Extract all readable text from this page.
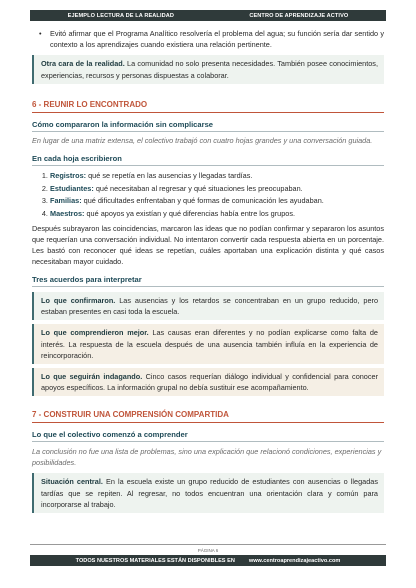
EJEMPLO LECTURA DE LA REALIDAD	CENTRO DE APRENDIZAJE ACTIVO
• Evitó afirmar que el Programa Analítico resolvería el problema del agua; su función sería dar sentido y contexto a los aprendizajes cuando existiera una relación pertinente.
Otra cara de la realidad. La comunidad no solo presenta necesidades. También posee conocimientos, experiencias, recursos y personas dispuestas a colaborar.
6 - REUNIR LO ENCONTRADO
Cómo compararon la información sin complicarse
En lugar de una matriz extensa, el colectivo trabajó con cuatro hojas grandes y una conversación guiada.
En cada hoja escribieron
1. Registros: qué se repetía en las ausencias y llegadas tardías.
2. Estudiantes: qué necesitaban al regresar y qué situaciones les preocupaban.
3. Familias: qué dificultades enfrentaban y qué formas de comunicación les ayudaban.
4. Maestros: qué apoyos ya existían y qué diferencias había entre los grupos.
Después subrayaron las coincidencias, marcaron las ideas que no podían confirmar y separaron los asuntos que requerían una conversación individual. No intentaron convertir cada respuesta abierta en un porcentaje. Les bastó con reconocer qué ideas se repetían, cuáles aportaban una explicación distinta y qué casos necesitaban mayor cuidado.
Tres acuerdos para interpretar
Lo que confirmaron. Las ausencias y los retardos se concentraban en un grupo reducido, pero estaban presentes en casi toda la escuela.
Lo que comprendieron mejor. Las causas eran diferentes y no podían explicarse como falta de interés. La respuesta de la escuela después de una ausencia también influía en la experiencia de reincorporación.
Lo que seguirán indagando. Cinco casos requerían diálogo individual y confidencial para conocer apoyos específicos. La información grupal no debía sustituir ese acompañamiento.
7 - CONSTRUIR UNA COMPRENSIÓN COMPARTIDA
Lo que el colectivo comenzó a comprender
La conclusión no fue una lista de problemas, sino una explicación que relacionó condiciones, experiencias y posibilidades.
Situación central. En la escuela existe un grupo reducido de estudiantes con ausencias o llegadas tardías que se repiten. Al regresar, no todos encuentran una orientación clara y común para incorporarse al trabajo.
PÁGINA 6
TODOS NUESTROS MATERIALES ESTÁN DISPONIBLES EN	www.centroaprendizajeactivo.com
